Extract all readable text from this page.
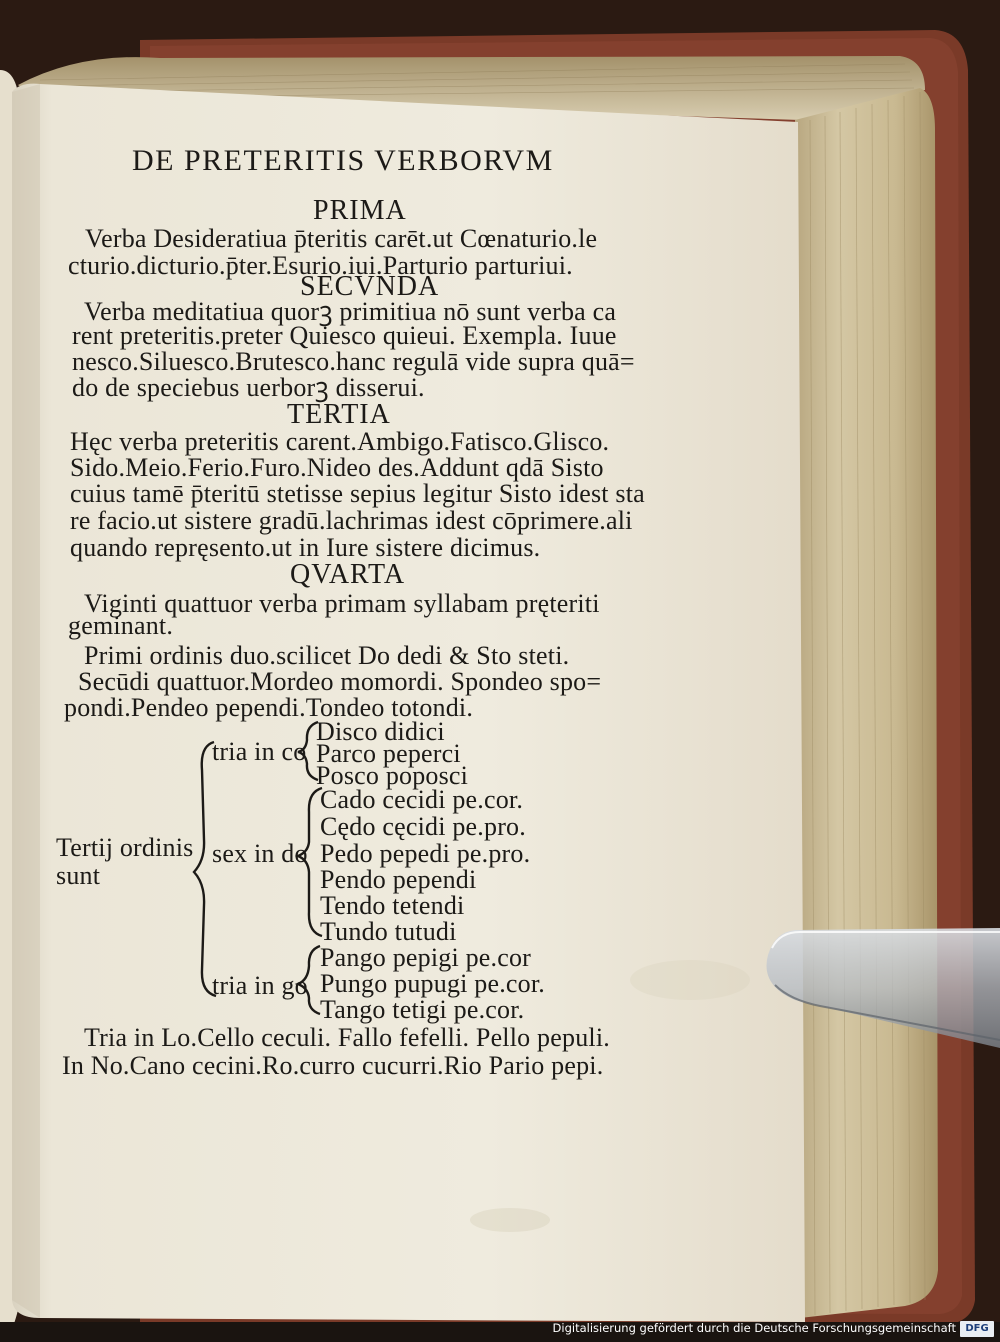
DE PRETERITIS VERBORVM
PRIMA
Verba Desideratiua p̄teritis carēt.ut Cœnaturio.le
cturio.dicturio.p̄ter.Esurio.iui.Parturio parturiui.
SECVNDA
Verba meditatiua quorꝫ primitiua nō sunt verba ca
rent preteritis.preter Quiesco quieui. Exempla. Iuue
nesco.Siluesco.Brutesco.hanc regulā vide supra quā=
do de speciebus uerborꝫ disserui.
TERTIA
Hęc verba preteritis carent.Ambigo.Fatisco.Glisco.
Sido.Meio.Ferio.Furo.Nideo des.Addunt qdā Sisto
cuius tamē p̄teritū stetisse sepius legitur Sisto idest sta
re facio.ut sistere gradū.lachrimas idest cōprimere.ali
quando repręsento.ut in Iure sistere dicimus.
QVARTA
Viginti quattuor verba primam syllabam pręteriti
geminant.
Primi ordinis duo.scilicet Do dedi & Sto steti.
Secūdi quattuor.Mordeo momordi. Spondeo spo=
pondi.Pendeo pependi.Tondeo totondi.
Tertij ordinis
sunt
tria in co
Disco didici
Parco peperci
Posco poposci
sex in do
Cado cecidi pe.cor.
Cędo cęcidi pe.pro.
Pedo pepedi pe.pro.
Pendo pependi
Tendo tetendi
Tundo tutudi
tria in go
Pango pepigi pe.cor
Pungo pupugi pe.cor.
Tango tetigi pe.cor.
Tria in Lo.Cello ceculi. Fallo fefelli. Pello pepuli.
In No.Cano cecini.Ro.curro cucurri.Rio Pario pepi.
Digitalisierung gefördert durch die Deutsche Forschungsgemeinschaft DFG
